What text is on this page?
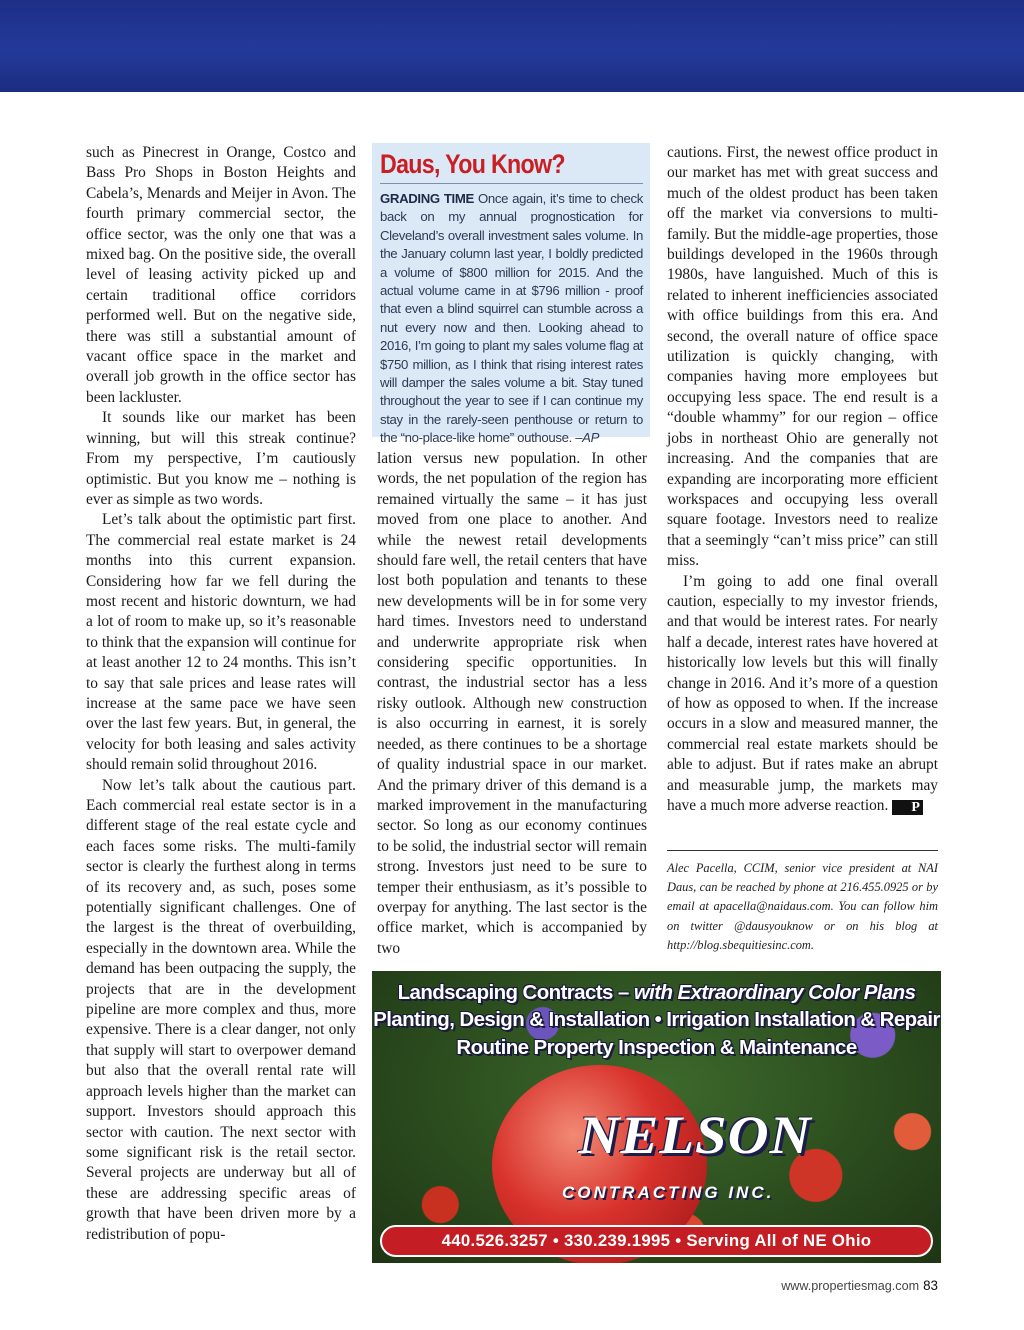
such as Pinecrest in Orange, Costco and Bass Pro Shops in Boston Heights and Cabela’s, Menards and Meijer in Avon. The fourth primary commercial sector, the office sector, was the only one that was a mixed bag. On the positive side, the overall level of leasing activity picked up and certain traditional office corridors performed well. But on the negative side, there was still a substantial amount of vacant office space in the market and overall job growth in the office sector has been lackluster.

It sounds like our market has been winning, but will this streak continue? From my perspective, I’m cautiously optimistic. But you know me – nothing is ever as simple as two words.

Let’s talk about the optimistic part first. The commercial real estate market is 24 months into this current expansion. Considering how far we fell during the most recent and historic downturn, we had a lot of room to make up, so it’s reasonable to think that the expansion will continue for at least another 12 to 24 months. This isn’t to say that sale prices and lease rates will increase at the same pace we have seen over the last few years. But, in general, the velocity for both leasing and sales activity should remain solid throughout 2016.

Now let’s talk about the cautious part. Each commercial real estate sector is in a different stage of the real estate cycle and each faces some risks. The multi-family sector is clearly the furthest along in terms of its recovery and, as such, poses some potentially significant challenges. One of the largest is the threat of overbuilding, especially in the downtown area. While the demand has been outpacing the supply, the projects that are in the development pipeline are more complex and thus, more expensive. There is a clear danger, not only that supply will start to overpower demand but also that the overall rental rate will approach levels higher than the market can support. Investors should approach this sector with caution. The next sector with some significant risk is the retail sector. Several projects are underway but all of these are addressing specific areas of growth that have been driven more by a redistribution of popu-

Daus, You Know?
GRADING TIME Once again, it’s time to check back on my annual prognostication for Cleveland’s overall investment sales volume. In the January column last year, I boldly predicted a volume of $800 million for 2015. And the actual volume came in at $796 million - proof that even a blind squirrel can stumble across a nut every now and then. Looking ahead to 2016, I’m going to plant my sales volume flag at $750 million, as I think that rising interest rates will damper the sales volume a bit. Stay tuned throughout the year to see if I can continue my stay in the rarely-seen penthouse or return to the “no-place-like home” outhouse. –AP

lation versus new population. In other words, the net population of the region has remained virtually the same – it has just moved from one place to another. And while the newest retail developments should fare well, the retail centers that have lost both population and tenants to these new developments will be in for some very hard times. Investors need to understand and underwrite appropriate risk when considering specific opportunities. In contrast, the industrial sector has a less risky outlook. Although new construction is also occurring in earnest, it is sorely needed, as there continues to be a shortage of quality industrial space in our market. And the primary driver of this demand is a marked improvement in the manufacturing sector. So long as our economy continues to be solid, the industrial sector will remain strong. Investors just need to be sure to temper their enthusiasm, as it’s possible to overpay for anything. The last sector is the office market, which is accompanied by two

cautions. First, the newest office product in our market has met with great success and much of the oldest product has been taken off the market via conversions to multi-family. But the middle-age properties, those buildings developed in the 1960s through 1980s, have languished. Much of this is related to inherent inefficiencies associated with office buildings from this era. And second, the overall nature of office space utilization is quickly changing, with companies having more employees but occupying less space. The end result is a “double whammy” for our region – office jobs in northeast Ohio are generally not increasing. And the companies that are expanding are incorporating more efficient workspaces and occupying less overall square footage. Investors need to realize that a seemingly “can’t miss price” can still miss.

I’m going to add one final overall caution, especially to my investor friends, and that would be interest rates. For nearly half a decade, interest rates have hovered at historically low levels but this will finally change in 2016. And it’s more of a question of how as opposed to when. If the increase occurs in a slow and measured manner, the commercial real estate markets should be able to adjust. But if rates make an abrupt and measurable jump, the markets may have a much more adverse reaction. P

Alec Pacella, CCIM, senior vice president at NAI Daus, can be reached by phone at 216.455.0925 or by email at apacella@naidaus.com. You can follow him on twitter @dausyouknow or on his blog at http://blog.sbequitiesinc.com.
Landscaping Contracts – with Extraordinary Color Plans
Planting, Design & Installation • Irrigation Installation & Repair
Routine Property Inspection & Maintenance
NELSON
CONTRACTING INC.
440.526.3257 • 330.239.1995 • Serving All of NE Ohio
www.propertiesmag.com 83
